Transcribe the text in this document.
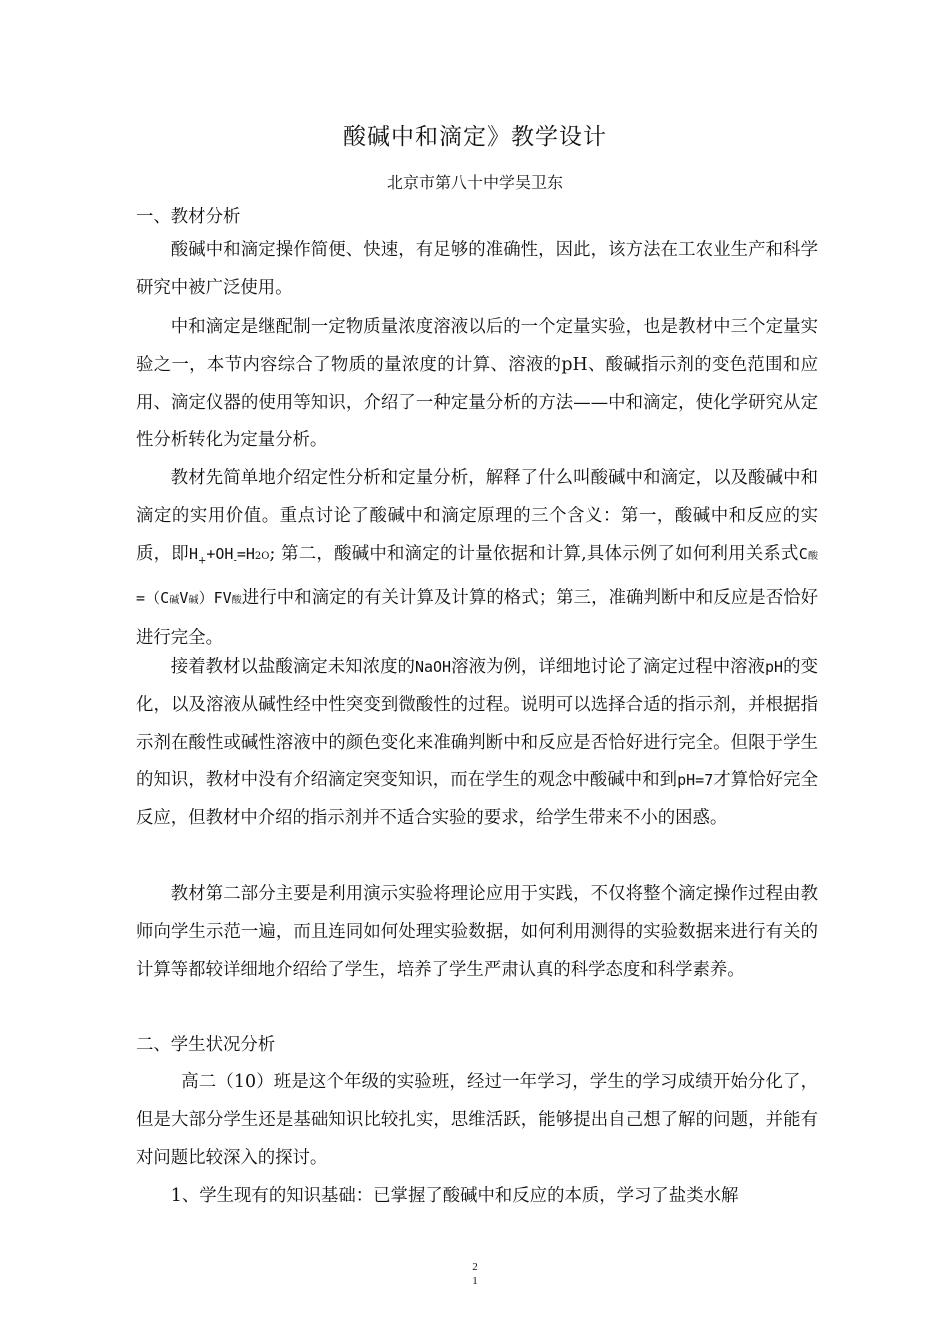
酸碱中和滴定》教学设计
北京市第八十中学吴卫东
一、教材分析
酸碱中和滴定操作简便、快速，有足够的准确性，因此，该方法在工农业生产和科学研究中被广泛使用。
中和滴定是继配制一定物质量浓度溶液以后的一个定量实验，也是教材中三个定量实验之一，本节内容综合了物质的量浓度的计算、溶液的pH、酸碱指示剂的变色范围和应用、滴定仪器的使用等知识，介绍了一种定量分析的方法——中和滴定，使化学研究从定性分析转化为定量分析。
教材先简单地介绍定性分析和定量分析，解释了什么叫酸碱中和滴定，以及酸碱中和滴定的实用价值。重点讨论了酸碱中和滴定原理的三个含义：第一，酸碱中和反应的实质，即$H_++OH_-=H2O$; 第二，酸碱中和滴定的计量依据和计算,具体示例了如何利用关系式C酸=（C碱V碱）FV酸进行中和滴定的有关计算及计算的格式；第三，准确判断中和反应是否恰好进行完全。
接着教材以盐酸滴定未知浓度的NaOH溶液为例，详细地讨论了滴定过程中溶液pH的变化，以及溶液从碱性经中性突变到微酸性的过程。说明可以选择合适的指示剂，并根据指示剂在酸性或碱性溶液中的颜色变化来准确判断中和反应是否恰好进行完全。但限于学生的知识，教材中没有介绍滴定突变知识，而在学生的观念中酸碱中和到pH=7才算恰好完全反应，但教材中介绍的指示剂并不适合实验的要求，给学生带来不小的困惑。
教材第二部分主要是利用演示实验将理论应用于实践，不仅将整个滴定操作过程由教师向学生示范一遍，而且连同如何处理实验数据，如何利用测得的实验数据来进行有关的计算等都较详细地介绍给了学生，培养了学生严肃认真的科学态度和科学素养。
二、学生状况分析
高二（10）班是这个年级的实验班，经过一年学习，学生的学习成绩开始分化了，但是大部分学生还是基础知识比较扎实，思维活跃，能够提出自己想了解的问题，并能有对问题比较深入的探讨。
1、学生现有的知识基础：已掌握了酸碱中和反应的本质，学习了盐类水解
2
1
